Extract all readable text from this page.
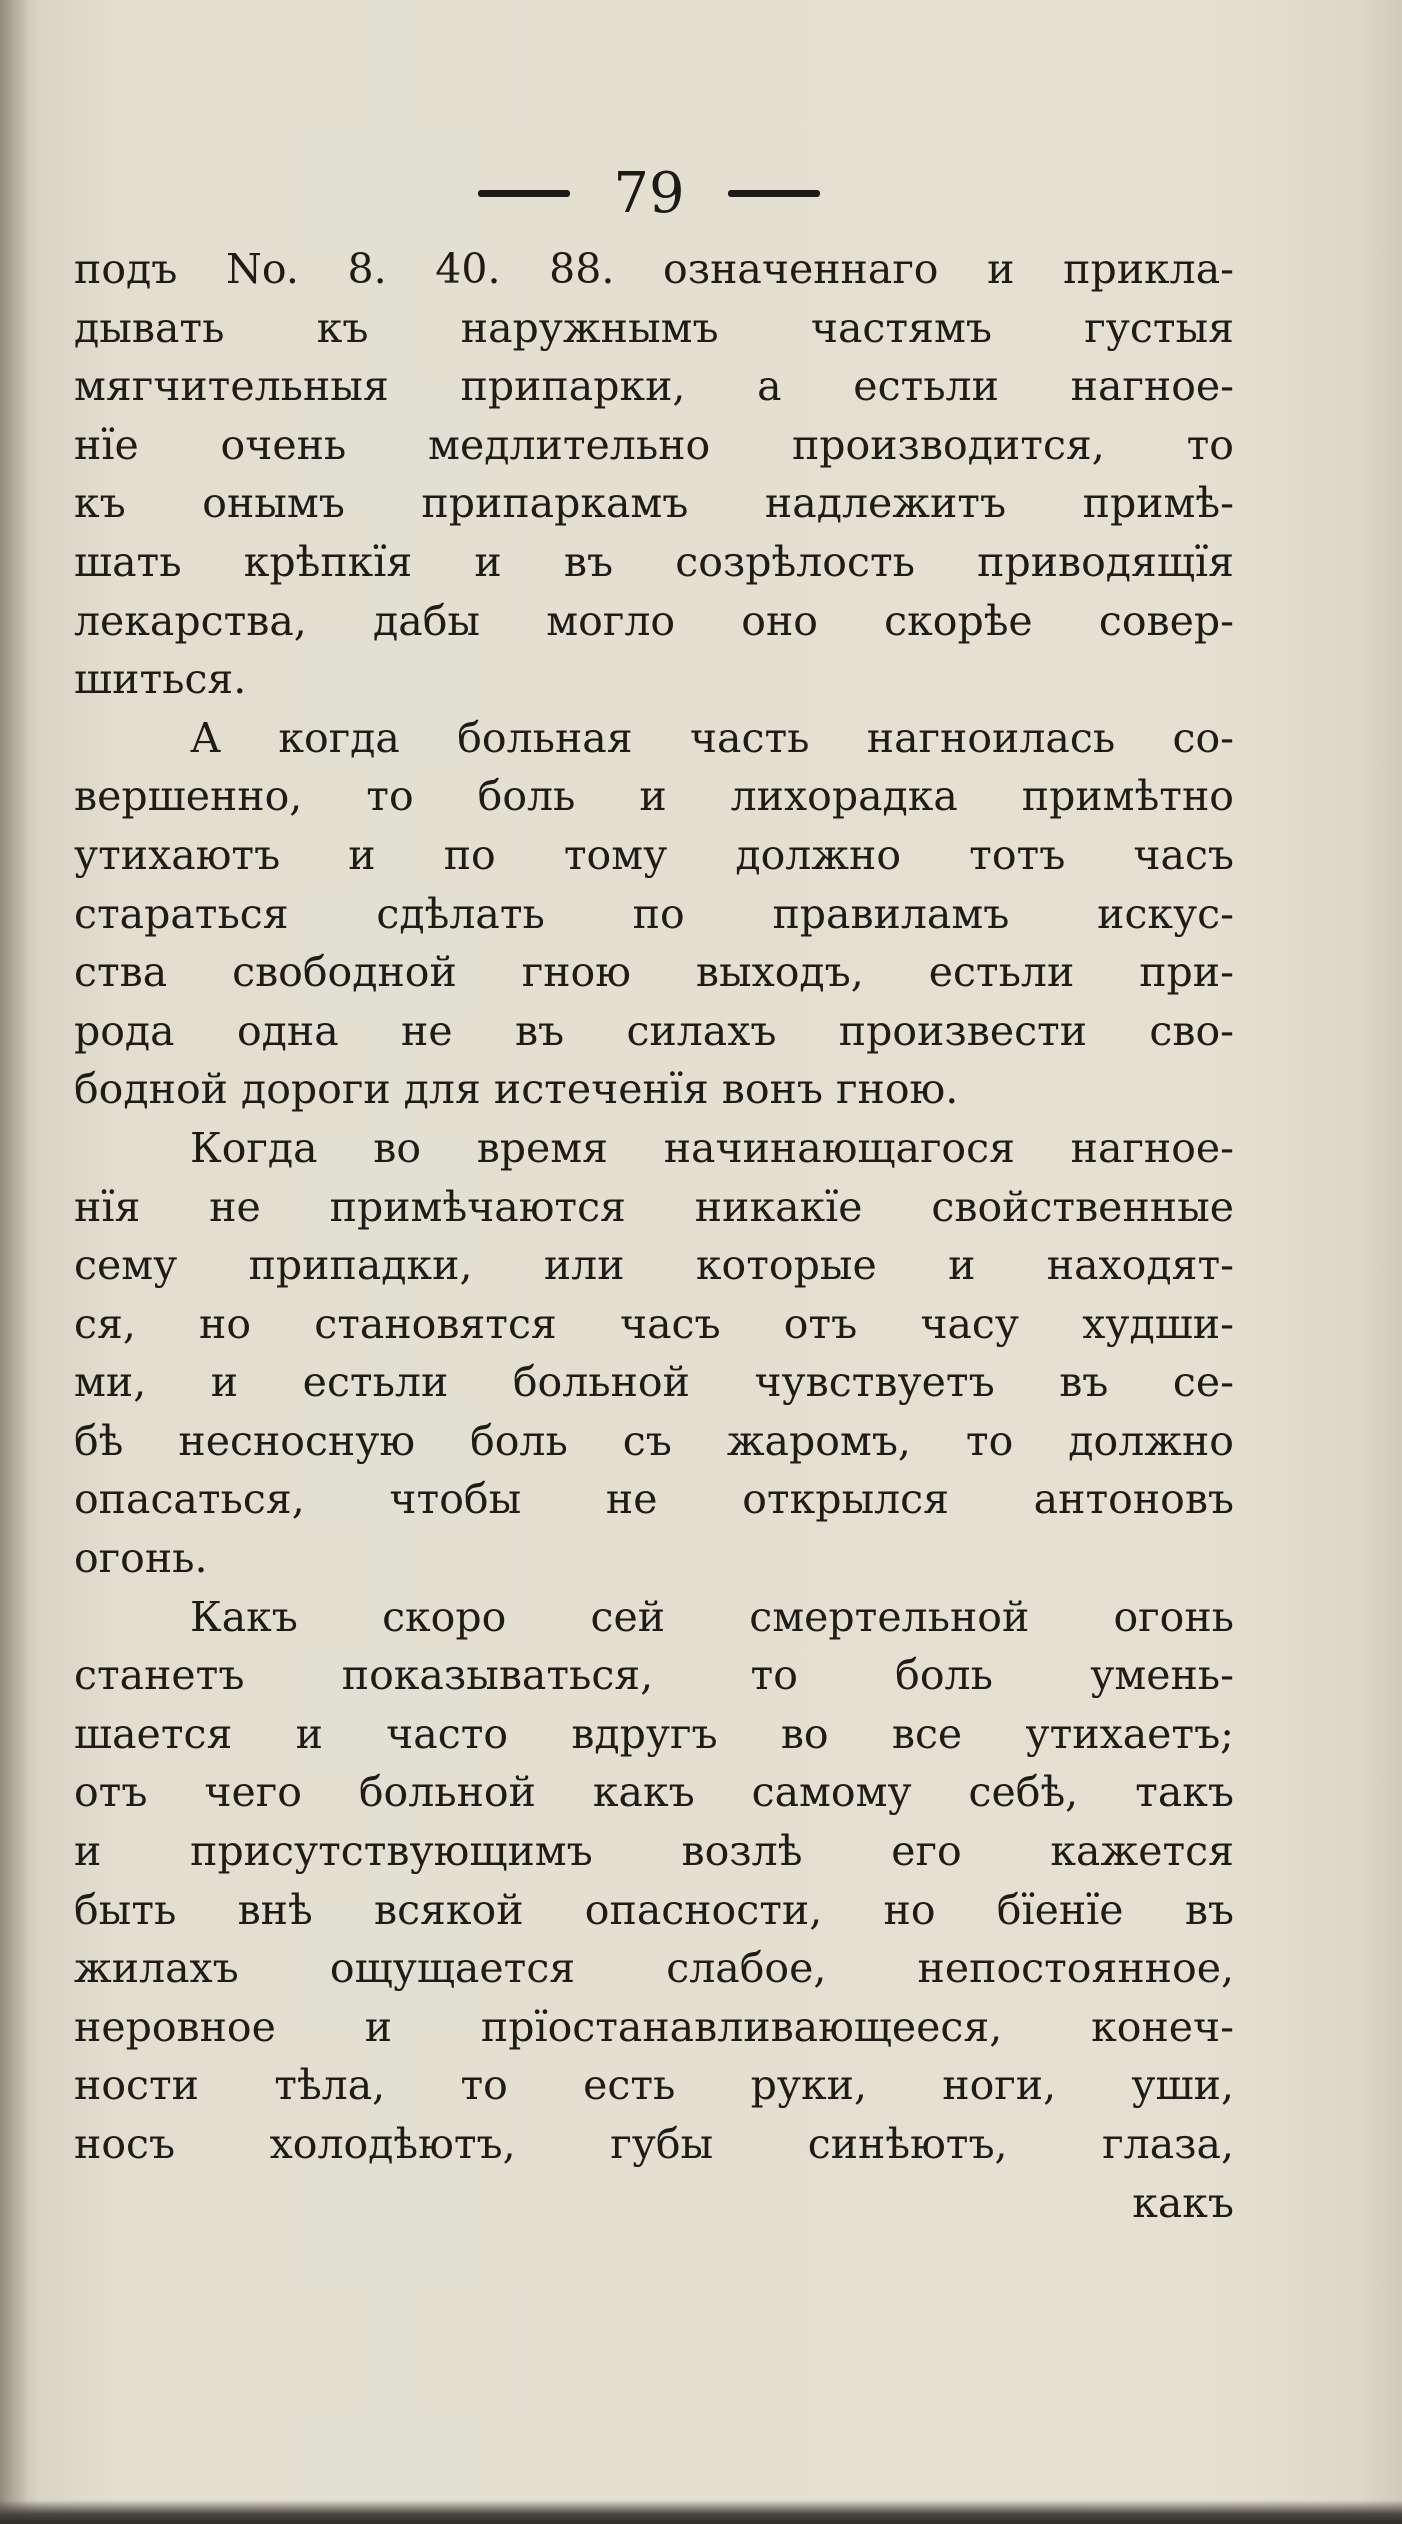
79
подъ No. 8. 40. 88. означеннаго и прикла-
дывать къ наружнымъ частямъ густыя
мягчительныя припарки, а естьли нагное-
нїе очень медлительно производится, то
къ онымъ припаркамъ надлежитъ примѣ-
шать крѣпкїя и въ созрѣлость приводящїя
лекарства, дабы могло оно скорѣе совер-
шиться.
А когда больная часть нагноилась со-
вершенно, то боль и лихорадка примѣтно
утихаютъ и по тому должно тотъ часъ
стараться сдѣлать по правиламъ искус-
ства свободной гною выходъ, естьли при-
рода одна не въ силахъ произвести сво-
бодной дороги для истеченїя вонъ гною.
Когда во время начинающагося нагное-
нїя не примѣчаются никакїе свойственные
сему припадки, или которые и находят-
ся, но становятся часъ отъ часу худши-
ми, и естьли больной чувствуетъ въ се-
бѣ несносную боль съ жаромъ, то должно
опасаться, чтобы не открылся антоновъ
огонь.
Какъ скоро сей смертельной огонь
станетъ показываться, то боль умень-
шается и часто вдругъ во все утихаетъ;
отъ чего больной какъ самому себѣ, такъ
и присутствующимъ возлѣ его кажется
быть внѣ всякой опасности, но бїенїе въ
жилахъ ощущается слабое, непостоянное,
неровное и прїостанавливающееся, конеч-
ности тѣла, то есть руки, ноги, уши,
носъ холодѣютъ, губы синѣютъ, глаза,
какъ
